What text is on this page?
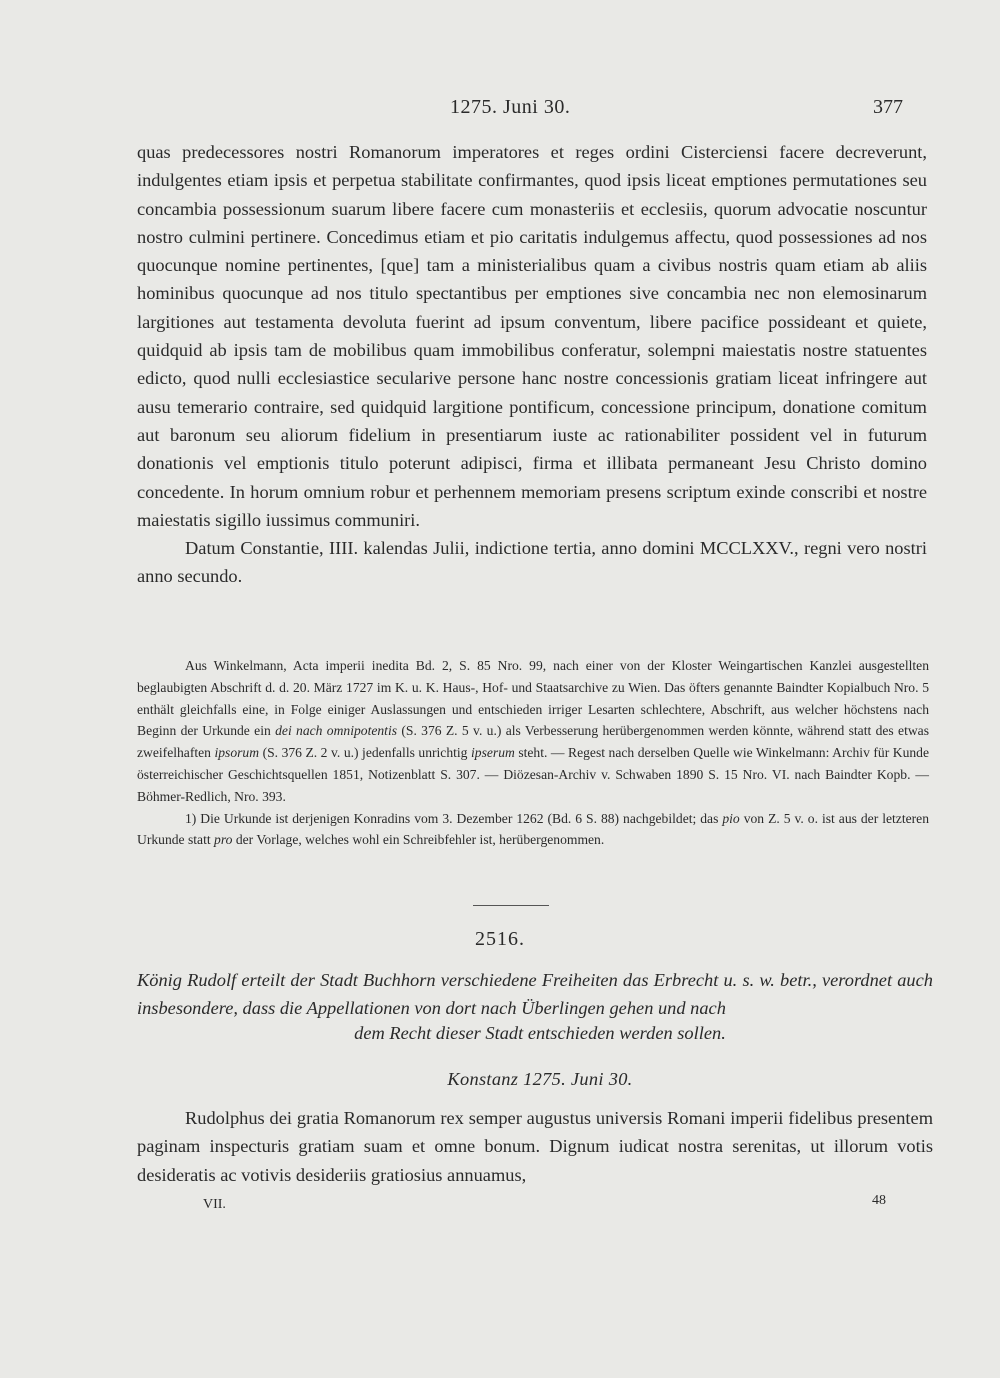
1275. Juni 30.	377

quas predecessores nostri Romanorum imperatores et reges ordini Cisterciensi facere decreverunt, indulgentes etiam ipsis et perpetua stabilitate confirmantes, quod ipsis liceat emptiones permutationes seu concambia possessionum suarum libere facere cum monasteriis et ecclesiis, quorum advocatie noscuntur nostro culmini pertinere. Concedimus etiam et pio caritatis indulgemus affectu, quod possessiones ad nos quocunque nomine pertinentes, [que] tam a ministerialibus quam a civibus nostris quam etiam ab aliis hominibus quocunque ad nos titulo spectantibus per emptiones sive concambia nec non elemosinarum largitiones aut testamenta devoluta fuerint ad ipsum conventum, libere pacifice possideant et quiete, quidquid ab ipsis tam de mobilibus quam immobilibus conferatur, solempni maiestatis nostre statuentes edicto, quod nulli ecclesiastice secularive persone hanc nostre concessionis gratiam liceat infringere aut ausu temerario contraire, sed quidquid largitione pontificum, concessione principum, donatione comitum aut baronum seu aliorum fidelium in presentiarum iuste ac rationabiliter possident vel in futurum donationis vel emptionis titulo poterunt adipisci, firma et illibata permaneant Jesu Christo domino concedente. In horum omnium robur et perhennem memoriam presens scriptum exinde conscribi et nostre maiestatis sigillo iussimus communiri.

Datum Constantie, IIII. kalendas Julii, indictione tertia, anno domini MCCLXXV., regni vero nostri anno secundo.

Aus Winkelmann, Acta imperii inedita Bd. 2, S. 85 Nro. 99, nach einer von der Kloster Weingartischen Kanzlei ausgestellten beglaubigten Abschrift d. d. 20. März 1727 im K. u. K. Haus-, Hof- und Staatsarchive zu Wien. Das öfters genannte Baindter Kopialbuch Nro. 5 enthält gleichfalls eine, in Folge einiger Auslassungen und entschieden irriger Lesarten schlechtere, Abschrift, aus welcher höchstens nach Beginn der Urkunde ein dei nach omnipotentis (S. 376 Z. 5 v. u.) als Verbesserung herübergenommen werden könnte, während statt des etwas zweifelhaften ipsorum (S. 376 Z. 2 v. u.) jedenfalls unrichtig ipserum steht. — Regest nach derselben Quelle wie Winkelmann: Archiv für Kunde österreichischer Geschichtsquellen 1851, Notizenblatt S. 307. — Diözesan-Archiv v. Schwaben 1890 S. 15 Nro. VI. nach Baindter Kopb. — Böhmer-Redlich, Nro. 393.

1) Die Urkunde ist derjenigen Konradins vom 3. Dezember 1262 (Bd. 6 S. 88) nachgebildet; das pio von Z. 5 v. o. ist aus der letzteren Urkunde statt pro der Vorlage, welches wohl ein Schreibfehler ist, herübergenommen.

2516.
König Rudolf erteilt der Stadt Buchhorn verschiedene Freiheiten das Erbrecht u. s. w. betr., verordnet auch insbesondere, dass die Appellationen von dort nach Überlingen gehen und nach
dem Recht dieser Stadt entschieden werden sollen.
Konstanz 1275. Juni 30.

Rudolphus dei gratia Romanorum rex semper augustus universis Romani imperii fidelibus presentem paginam inspecturis gratiam suam et omne bonum. Dignum iudicat nostra serenitas, ut illorum votis desideratis ac votivis desideriis gratiosius annuamus,

VII.	48
